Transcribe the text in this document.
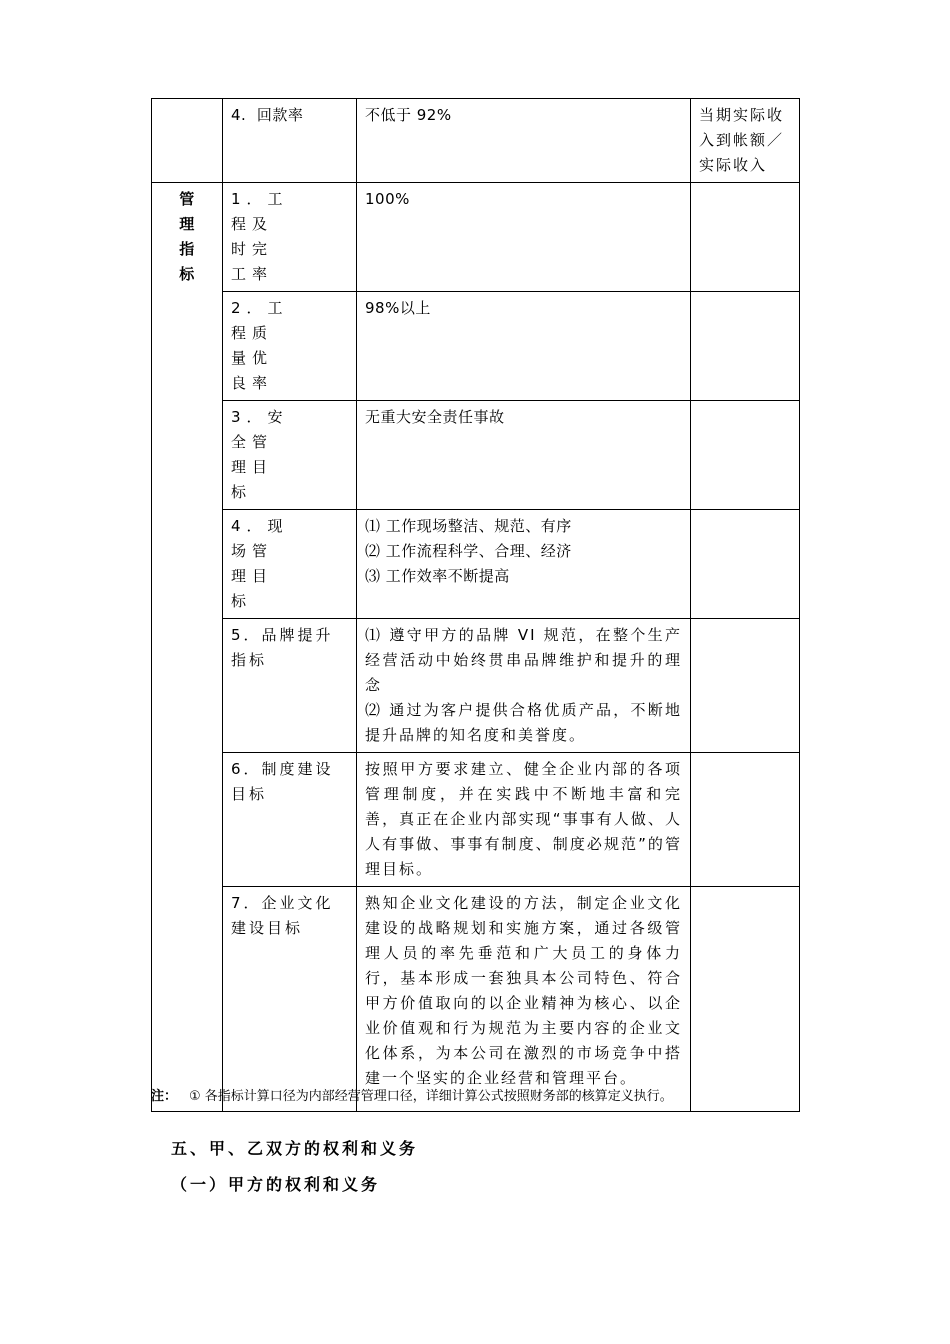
	4.  回款率	不低于 92%	当期实际收入到帐额／实际收入

管
理
指
标	1．工
程及
时完
工率	100%	

	2．工
程质
量优
良率	98%以上	

	3．安
全管
理目
标	无重大安全责任事故	

	4．现
场管
理目
标	⑴ 工作现场整洁、规范、有序
⑵ 工作流程科学、合理、经济
⑶ 工作效率不断提高	

	5．品牌提升指标	⑴ 遵守甲方的品牌 VI 规范，在整个生产经营活动中始终贯串品牌维护和提升的理念
⑵ 通过为客户提供合格优质产品，不断地提升品牌的知名度和美誉度。	

	6．制度建设目标	按照甲方要求建立、健全企业内部的各项管理制度，并在实践中不断地丰富和完善，真正在企业内部实现“事事有人做、人人有事做、事事有制度、制度必规范”的管理目标。	
	7．企业文化建设目标	熟知企业文化建设的方法，制定企业文化建设的战略规划和实施方案，通过各级管理人员的率先垂范和广大员工的身体力行，基本形成一套独具本公司特色、符合甲方价值取向的以企业精神为核心、以企业价值观和行为规范为主要内容的企业文化体系，为本公司在激烈的市场竞争中搭建一个坚实的企业经营和管理平台。	
注： ① 各指标计算口径为内部经营管理口径，详细计算公式按照财务部的核算定义执行。
五、甲、乙双方的权利和义务
（一）甲方的权利和义务
